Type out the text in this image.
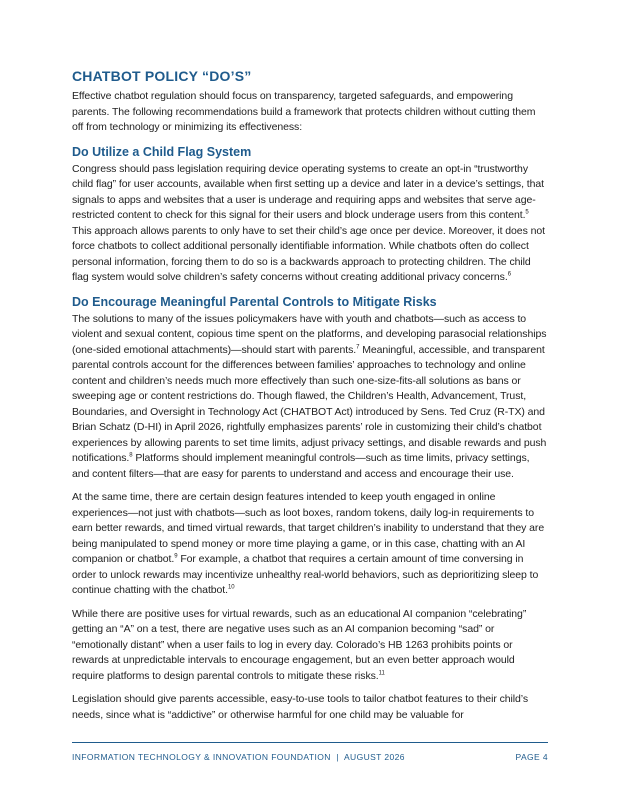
CHATBOT POLICY “DO’S”

Effective chatbot regulation should focus on transparency, targeted safeguards, and empowering parents. The following recommendations build a framework that protects children without cutting them off from technology or minimizing its effectiveness:

Do Utilize a Child Flag System

Congress should pass legislation requiring device operating systems to create an opt-in “trustworthy child flag” for user accounts, available when first setting up a device and later in a device’s settings, that signals to apps and websites that a user is underage and requiring apps and websites that serve age-restricted content to check for this signal for their users and block underage users from this content.$^5$ This approach allows parents to only have to set their child’s age once per device. Moreover, it does not force chatbots to collect additional personally identifiable information. While chatbots often do collect personal information, forcing them to do so is a backwards approach to protecting children. The child flag system would solve children’s safety concerns without creating additional privacy concerns.$^6$

Do Encourage Meaningful Parental Controls to Mitigate Risks

The solutions to many of the issues policymakers have with youth and chatbots—such as access to violent and sexual content, copious time spent on the platforms, and developing parasocial relationships (one-sided emotional attachments)—should start with parents.$^7$ Meaningful, accessible, and transparent parental controls account for the differences between families’ approaches to technology and online content and children’s needs much more effectively than such one-size-fits-all solutions as bans or sweeping age or content restrictions do. Though flawed, the Children’s Health, Advancement, Trust, Boundaries, and Oversight in Technology Act (CHATBOT Act) introduced by Sens. Ted Cruz (R-TX) and Brian Schatz (D-HI) in April 2026, rightfully emphasizes parents’ role in customizing their child’s chatbot experiences by allowing parents to set time limits, adjust privacy settings, and disable rewards and push notifications.$^8$ Platforms should implement meaningful controls—such as time limits, privacy settings, and content filters—that are easy for parents to understand and access and encourage their use.

At the same time, there are certain design features intended to keep youth engaged in online experiences—not just with chatbots—such as loot boxes, random tokens, daily log-in requirements to earn better rewards, and timed virtual rewards, that target children’s inability to understand that they are being manipulated to spend money or more time playing a game, or in this case, chatting with an AI companion or chatbot.$^9$ For example, a chatbot that requires a certain amount of time conversing in order to unlock rewards may incentivize unhealthy real-world behaviors, such as deprioritizing sleep to continue chatting with the chatbot.$^{10}$

While there are positive uses for virtual rewards, such as an educational AI companion “celebrating” getting an “A” on a test, there are negative uses such as an AI companion becoming “sad” or “emotionally distant” when a user fails to log in every day. Colorado’s HB 1263 prohibits points or rewards at unpredictable intervals to encourage engagement, but an even better approach would require platforms to design parental controls to mitigate these risks.$^{11}$

Legislation should give parents accessible, easy-to-use tools to tailor chatbot features to their child’s needs, since what is “addictive” or otherwise harmful for one child may be valuable for

INFORMATION TECHNOLOGY & INNOVATION FOUNDATION  |  AUGUST 2026	PAGE 4
